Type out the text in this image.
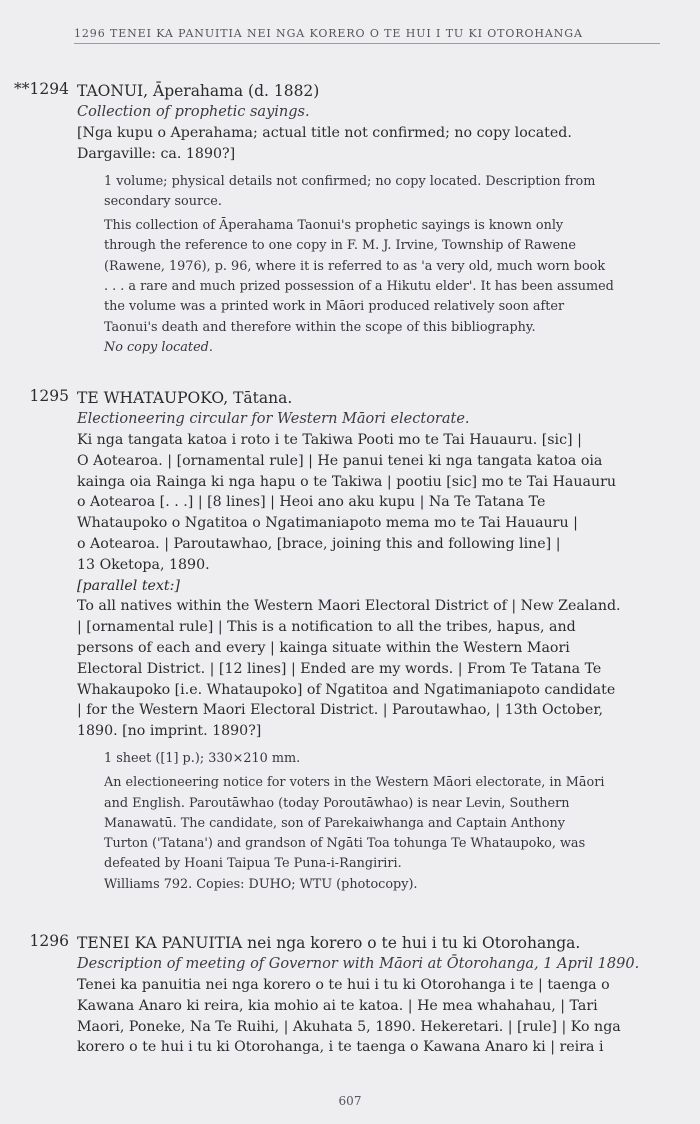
1296 TENEI KA PANUITIA NEI NGA KORERO O TE HUI I TU KI OTOROHANGA
**1294 TAONUI, Āperahama (d. 1882)
Collection of prophetic sayings.
[Nga kupu o Aperahama; actual title not confirmed; no copy located.
Dargaville: ca. 1890?]
1 volume; physical details not confirmed; no copy located. Description from
secondary source.
This collection of Āperahama Taonui's prophetic sayings is known only
through the reference to one copy in F. M. J. Irvine, Township of Rawene
(Rawene, 1976), p. 96, where it is referred to as 'a very old, much worn book
. . . a rare and much prized possession of a Hikutu elder'. It has been assumed
the volume was a printed work in Māori produced relatively soon after
Taonui's death and therefore within the scope of this bibliography.
No copy located.
1295 TE WHATAUPOKO, Tātana.
Electioneering circular for Western Māori electorate.
Ki nga tangata katoa i roto i te Takiwa Pooti mo te Tai Hauauru. [sic] |
O Aotearoa. | [ornamental rule] | He panui tenei ki nga tangata katoa oia
kainga oia Rainga ki nga hapu o te Takiwa | pootiu [sic] mo te Tai Hauauru
o Aotearoa [. . .] | [8 lines] | Heoi ano aku kupu | Na Te Tatana Te
Whataupoko o Ngatitoa o Ngatimaniapoto mema mo te Tai Hauauru |
o Aotearoa. | Paroutawhao, [brace, joining this and following line] |
13 Oketopa, 1890.
[parallel text:]
To all natives within the Western Maori Electoral District of | New Zealand.
| [ornamental rule] | This is a notification to all the tribes, hapus, and
persons of each and every | kainga situate within the Western Maori
Electoral District. | [12 lines] | Ended are my words. | From Te Tatana Te
Whakaupoko [i.e. Whataupoko] of Ngatitoa and Ngatimaniapoto candidate
| for the Western Maori Electoral District. | Paroutawhao, | 13th October,
1890. [no imprint. 1890?]
1 sheet ([1] p.); 330×210 mm.
An electioneering notice for voters in the Western Māori electorate, in Māori
and English. Paroutāwhao (today Poroutāwhao) is near Levin, Southern
Manawatū. The candidate, son of Parekaiwhanga and Captain Anthony
Turton ('Tatana') and grandson of Ngāti Toa tohunga Te Whataupoko, was
defeated by Hoani Taipua Te Puna-i-Rangiriri.
Williams 792. Copies: DUHO; WTU (photocopy).
1296 TENEI KA PANUITIA nei nga korero o te hui i tu ki Otorohanga.
Description of meeting of Governor with Māori at Ōtorohanga, 1 April 1890.
Tenei ka panuitia nei nga korero o te hui i tu ki Otorohanga i te | taenga o
Kawana Anaro ki reira, kia mohio ai te katoa. | He mea whahahau, | Tari
Maori, Poneke, Na Te Ruihi, | Akuhata 5, 1890. Hekeretari. | [rule] | Ko nga
korero o te hui i tu ki Otorohanga, i te taenga o Kawana Anaro ki | reira i
607
